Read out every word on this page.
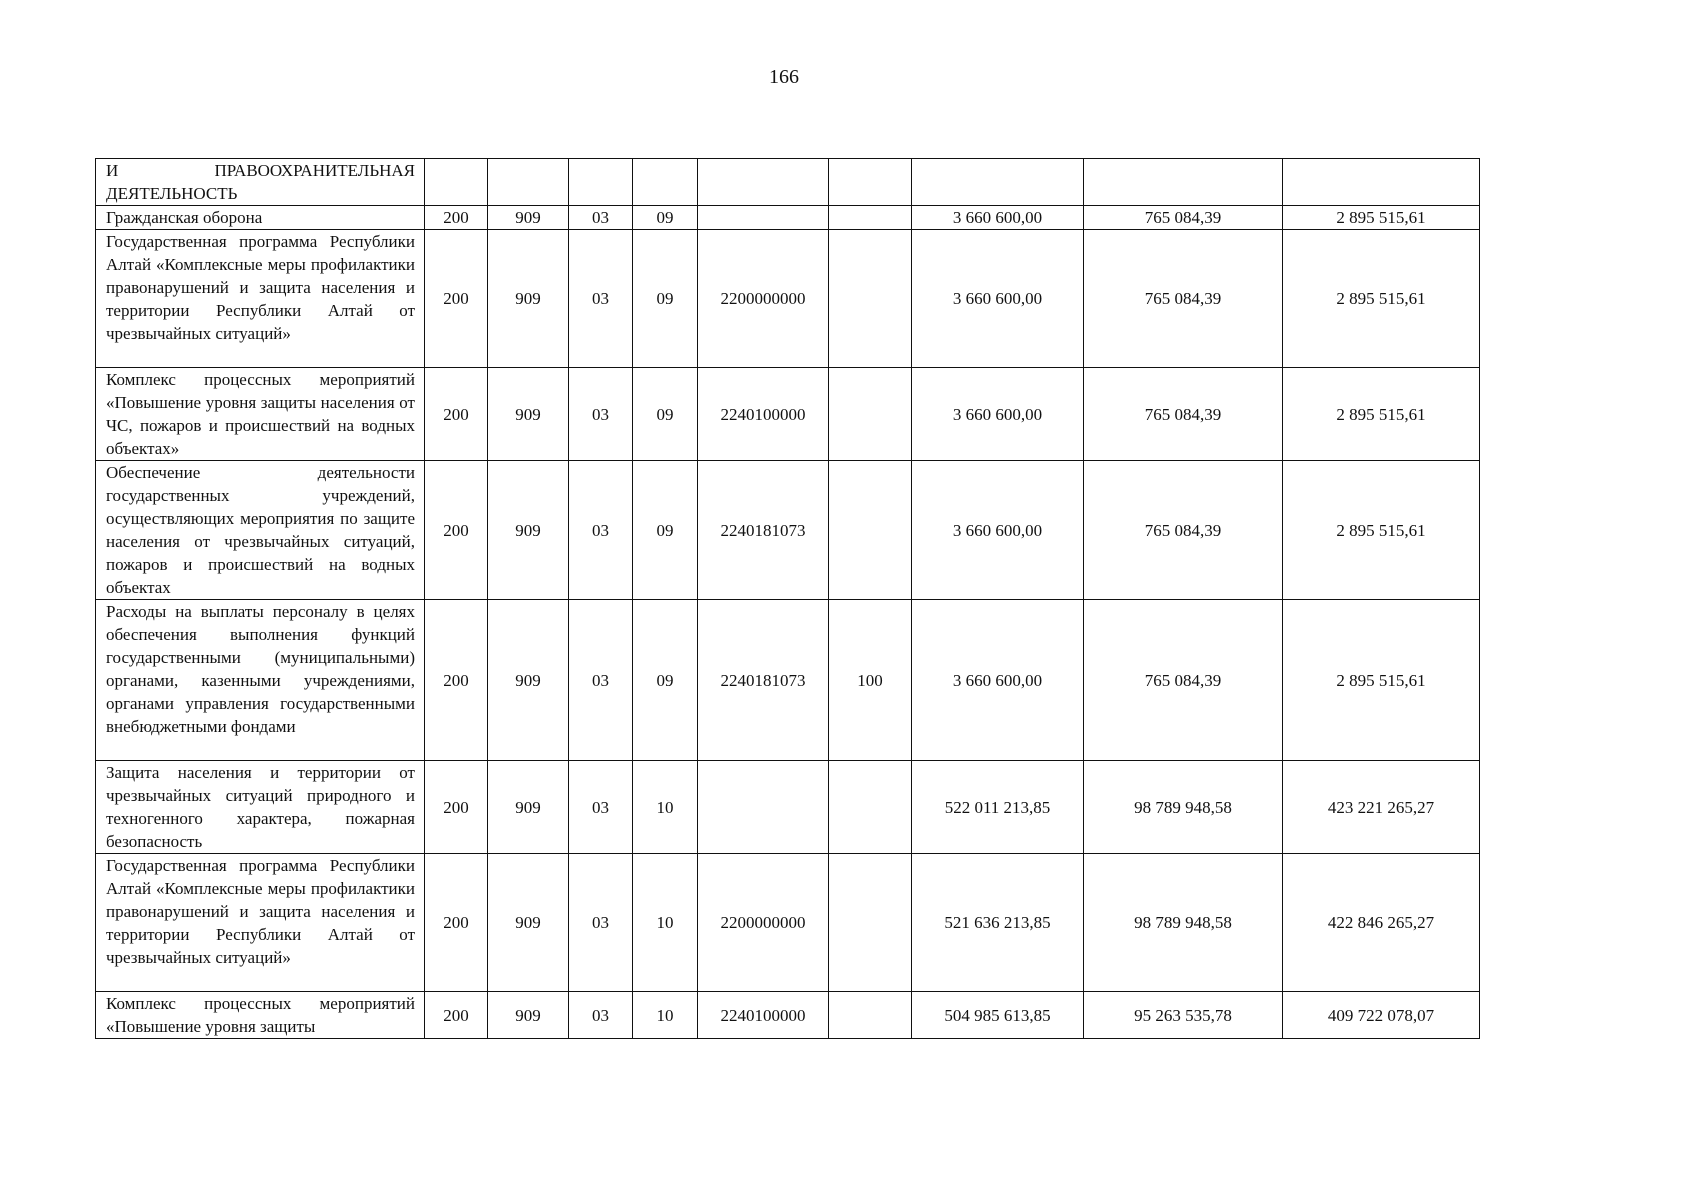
166
И ПРАВООХРАНИТЕЛЬНАЯ ДЕЯТЕЛЬНОСТЬ									
Гражданская оборона	200	909	03	09			3 660 600,00	765 084,39	2 895 515,61
Государственная программа Республики Алтай «Комплексные меры профилактики правонарушений и защита населения и территории Республики Алтай от чрезвычайных ситуаций»	200	909	03	09	2200000000		3 660 600,00	765 084,39	2 895 515,61
Комплекс процессных мероприятий «Повышение уровня защиты населения от ЧС, пожаров и происшествий на водных объектах»	200	909	03	09	2240100000		3 660 600,00	765 084,39	2 895 515,61
Обеспечение деятельности государственных учреждений, осуществляющих мероприятия по защите населения от чрезвычайных ситуаций, пожаров и происшествий на водных объектах	200	909	03	09	2240181073		3 660 600,00	765 084,39	2 895 515,61
Расходы на выплаты персоналу в целях обеспечения выполнения функций государственными (муниципальными) органами, казенными учреждениями, органами управления государственными внебюджетными фондами	200	909	03	09	2240181073	100	3 660 600,00	765 084,39	2 895 515,61
Защита населения и территории от чрезвычайных ситуаций природного и техногенного характера, пожарная безопасность	200	909	03	10			522 011 213,85	98 789 948,58	423 221 265,27
Государственная программа Республики Алтай «Комплексные меры профилактики правонарушений и защита населения и территории Республики Алтай от чрезвычайных ситуаций»	200	909	03	10	2200000000		521 636 213,85	98 789 948,58	422 846 265,27
Комплекс процессных мероприятий «Повышение уровня защиты	200	909	03	10	2240100000		504 985 613,85	95 263 535,78	409 722 078,07
